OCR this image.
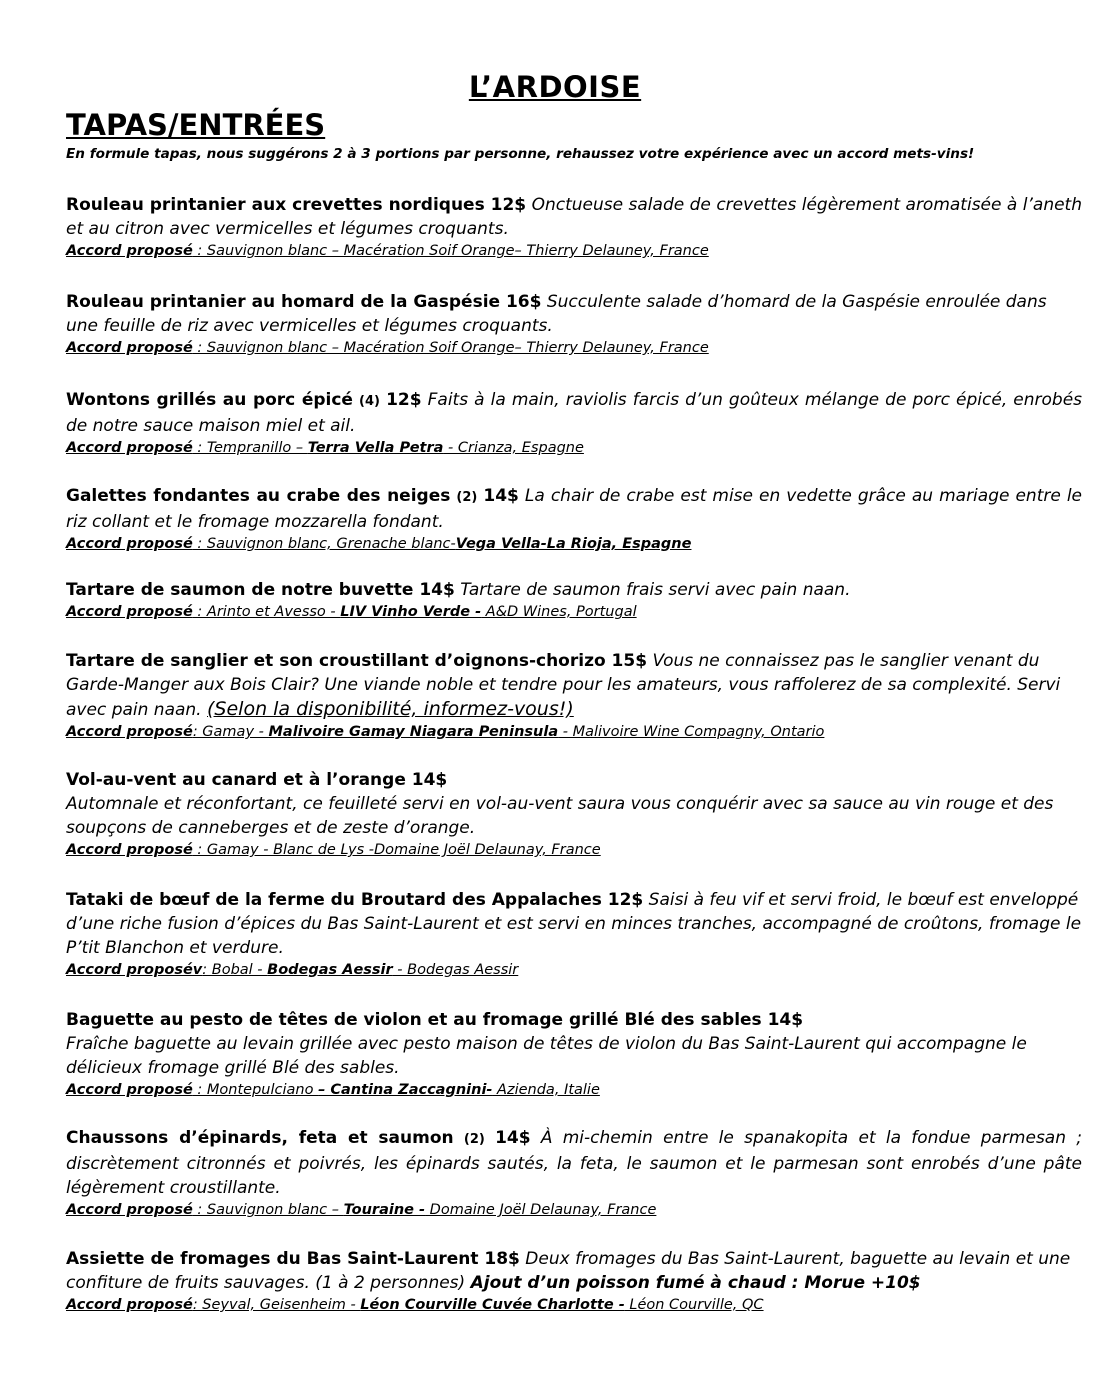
L’ARDOISE
TAPAS/ENTRÉES

En formule tapas, nous suggérons 2 à 3 portions par personne, rehaussez votre expérience avec un accord mets-vins!

Rouleau printanier aux crevettes nordiques 12$ Onctueuse salade de crevettes légèrement aromatisée à l’aneth et au citron avec vermicelles et légumes croquants.

Accord proposé : Sauvignon blanc – Macération Soif Orange– Thierry Delauney, France

Rouleau printanier au homard de la Gaspésie 16$ Succulente salade d’homard de la Gaspésie enroulée dans une feuille de riz avec vermicelles et légumes croquants.

Accord proposé : Sauvignon blanc – Macération Soif Orange– Thierry Delauney, France

Wontons grillés au porc épicé (4) 12$ Faits à la main, raviolis farcis d’un goûteux mélange de porc épicé, enrobés de notre sauce maison miel et ail.

Accord proposé : Tempranillo – Terra Vella Petra - Crianza, Espagne

Galettes fondantes au crabe des neiges (2) 14$ La chair de crabe est mise en vedette grâce au mariage entre le riz collant et le fromage mozzarella fondant.

Accord proposé : Sauvignon blanc, Grenache blanc-Vega Vella-La Rioja, Espagne

Tartare de saumon de notre buvette 14$ Tartare de saumon frais servi avec pain naan.

Accord proposé : Arinto et Avesso - LIV Vinho Verde - A&D Wines, Portugal

Tartare de sanglier et son croustillant d’oignons-chorizo 15$ Vous ne connaissez pas le sanglier venant du Garde-Manger aux Bois Clair? Une viande noble et tendre pour les amateurs, vous raffolerez de sa complexité. Servi avec pain naan. (Selon la disponibilité, informez-vous!)

Accord proposé: Gamay - Malivoire Gamay Niagara Peninsula - Malivoire Wine Compagny, Ontario

Vol-au-vent au canard et à l’orange 14$
Automnale et réconfortant, ce feuilleté servi en vol-au-vent saura vous conquérir avec sa sauce au vin rouge et des soupçons de canneberges et de zeste d’orange.

Accord proposé : Gamay - Blanc de Lys -Domaine Joël Delaunay, France

Tataki de bœuf de la ferme du Broutard des Appalaches 12$ Saisi à feu vif et servi froid, le bœuf est enveloppé d’une riche fusion d’épices du Bas Saint-Laurent et est servi en minces tranches, accompagné de croûtons, fromage le P’tit Blanchon et verdure.

Accord proposév: Bobal - Bodegas Aessir - Bodegas Aessir

Baguette au pesto de têtes de violon et au fromage grillé Blé des sables 14$
Fraîche baguette au levain grillée avec pesto maison de têtes de violon du Bas Saint-Laurent qui accompagne le délicieux fromage grillé Blé des sables.

Accord proposé : Montepulciano – Cantina Zaccagnini- Azienda, Italie

Chaussons d’épinards, feta et saumon (2) 14$ À mi-chemin entre le spanakopita et la fondue parmesan ; discrètement citronnés et poivrés, les épinards sautés, la feta, le saumon et le parmesan sont enrobés d’une pâte légèrement croustillante.

Accord proposé : Sauvignon blanc – Touraine - Domaine Joël Delaunay, France

Assiette de fromages du Bas Saint-Laurent 18$ Deux fromages du Bas Saint-Laurent, baguette au levain et une confiture de fruits sauvages. (1 à 2 personnes) Ajout d’un poisson fumé à chaud : Morue +10$

Accord proposé: Seyval, Geisenheim - Léon Courville Cuvée Charlotte - Léon Courville, QC
